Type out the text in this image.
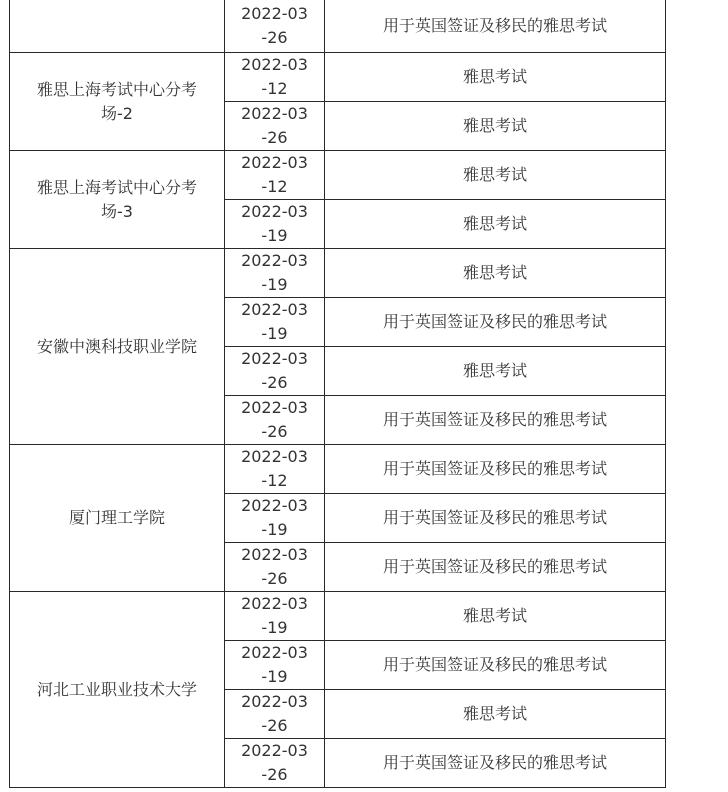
	2022-03-26	用于英国签证及移民的雅思考试

雅思上海考试中心分考场-2	2022-03-12	雅思考试

	2022-03-26	雅思考试

雅思上海考试中心分考场-3	2022-03-12	雅思考试

	2022-03-19	雅思考试

安徽中澳科技职业学院	2022-03-19	雅思考试

	2022-03-19	用于英国签证及移民的雅思考试

	2022-03-26	雅思考试

	2022-03-26	用于英国签证及移民的雅思考试

厦门理工学院	2022-03-12	用于英国签证及移民的雅思考试

	2022-03-19	用于英国签证及移民的雅思考试

	2022-03-26	用于英国签证及移民的雅思考试

河北工业职业技术大学	2022-03-19	雅思考试

	2022-03-19	用于英国签证及移民的雅思考试

	2022-03-26	雅思考试

	2022-03-26	用于英国签证及移民的雅思考试
